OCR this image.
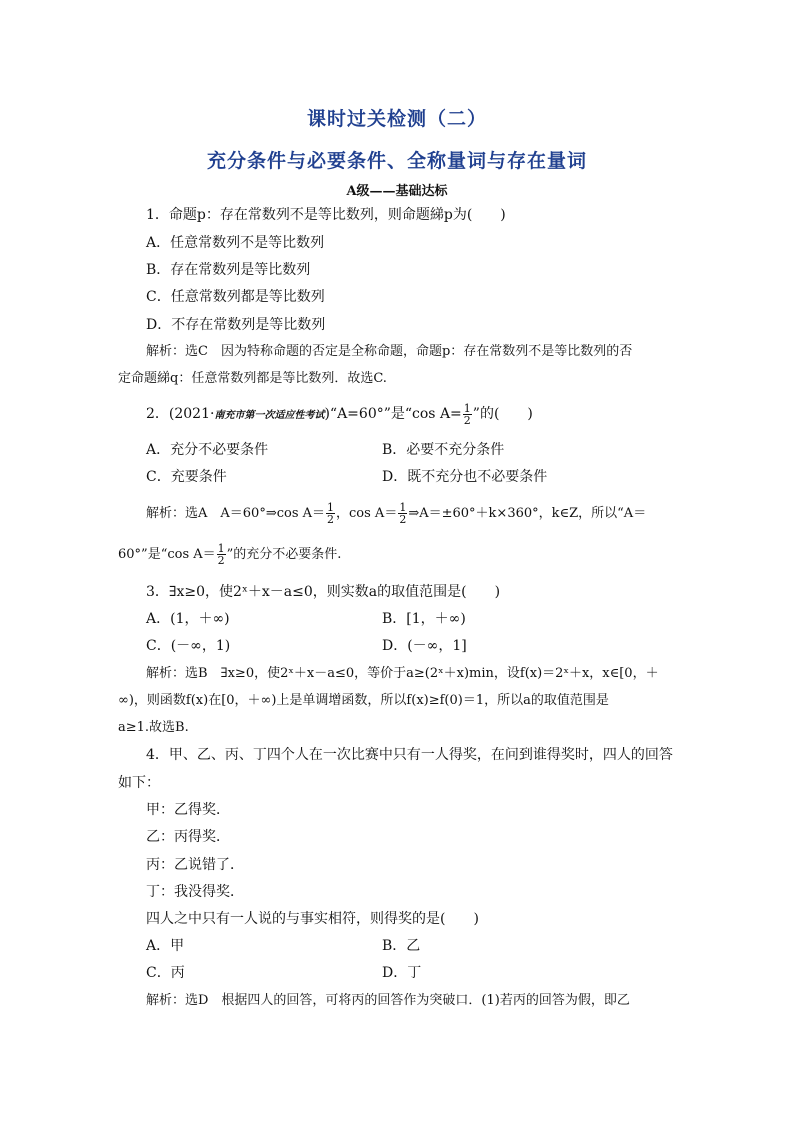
课时过关检测（二）
充分条件与必要条件、全称量词与存在量词
A级——基础达标
1．命题p：存在常数列不是等比数列，则命题綈p为(　　)
A．任意常数列不是等比数列
B．存在常数列是等比数列
C．任意常数列都是等比数列
D．不存在常数列是等比数列
解析：选C　因为特称命题的否定是全称命题，命题p：存在常数列不是等比数列的否
定命题綈q：任意常数列都是等比数列．故选C.
2．(2021·南充市第一次适应性考试)“A=60°”是“cos $A= \frac{1}{2}$ ”的(　　)
A．充分不必要条件	B．必要不充分条件
C．充要条件	D．既不充分也不必要条件
解析：选A　A＝60°⇒cos $A= \frac{1}{2}$ ，$\cos A= \frac{1}{2}$ ⇒A＝±60°＋k×360°，k∈Z，所以“A＝
60°”是“cos $A= \frac{1}{2}$ ”的充分不必要条件.
3．∃x≥0，使2ˣ＋x－a≤0，则实数a的取值范围是(　　)
A．(1，＋∞)	B．[1，＋∞)
C．(－∞，1)	D．(－∞，1]
解析：选B　∃x≥0，使2ˣ＋x－a≤0，等价于a≥(2ˣ＋x)min，设f(x)＝2ˣ＋x，x∈[0，＋
∞)，则函数f(x)在[0，＋∞)上是单调增函数，所以f(x)≥f(0)＝1，所以a的取值范围是
a≥1.故选B.
4．甲、乙、丙、丁四个人在一次比赛中只有一人得奖，在问到谁得奖时，四人的回答
如下：
甲：乙得奖．
乙：丙得奖．
丙：乙说错了．
丁：我没得奖．
四人之中只有一人说的与事实相符，则得奖的是(　　)
A．甲	B．乙
C．丙	D．丁
解析：选D　根据四人的回答，可将丙的回答作为突破口．(1)若丙的回答为假，即乙
